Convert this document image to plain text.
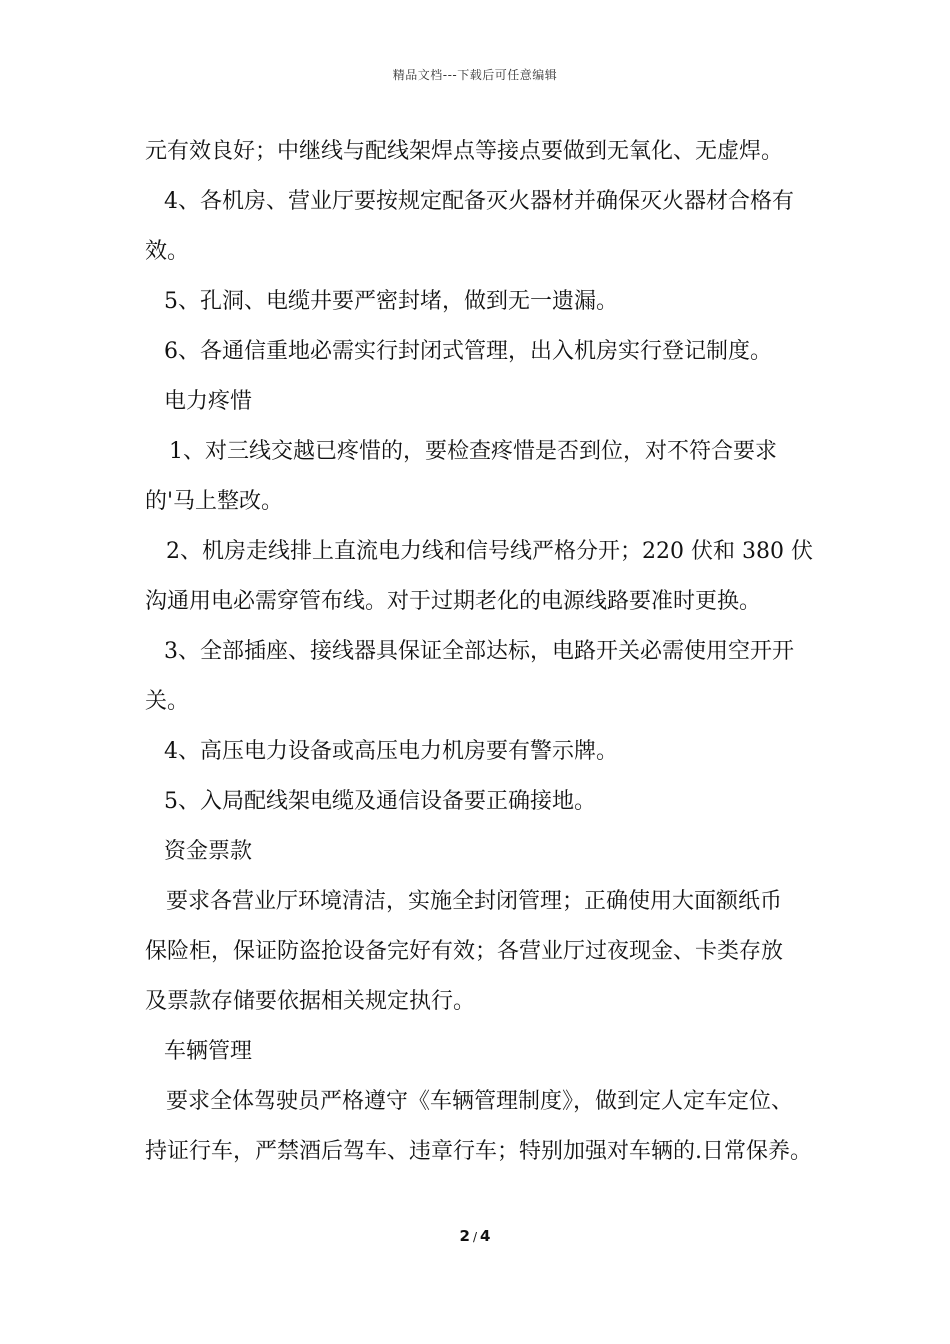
精品文档---下载后可任意编辑
元有效良好；中继线与配线架焊点等接点要做到无氧化、无虚焊。
4、各机房、营业厅要按规定配备灭火器材并确保灭火器材合格有
效。
5、孔洞、电缆井要严密封堵，做到无一遗漏。
6、各通信重地必需实行封闭式管理，出入机房实行登记制度。
电力疼惜
1、对三线交越已疼惜的，要检查疼惜是否到位，对不符合要求
的'马上整改。
2、机房走线排上直流电力线和信号线严格分开；220 伏和 380 伏
沟通用电必需穿管布线。对于过期老化的电源线路要准时更换。
3、全部插座、接线器具保证全部达标，电路开关必需使用空开开
关。
4、高压电力设备或高压电力机房要有警示牌。
5、入局配线架电缆及通信设备要正确接地。
资金票款
要求各营业厅环境清洁，实施全封闭管理；正确使用大面额纸币
保险柜，保证防盗抢设备完好有效；各营业厅过夜现金、卡类存放
及票款存储要依据相关规定执行。
车辆管理
要求全体驾驶员严格遵守《车辆管理制度》，做到定人定车定位、
持证行车，严禁酒后驾车、违章行车；特别加强对车辆的.日常保养。
2 / 4
